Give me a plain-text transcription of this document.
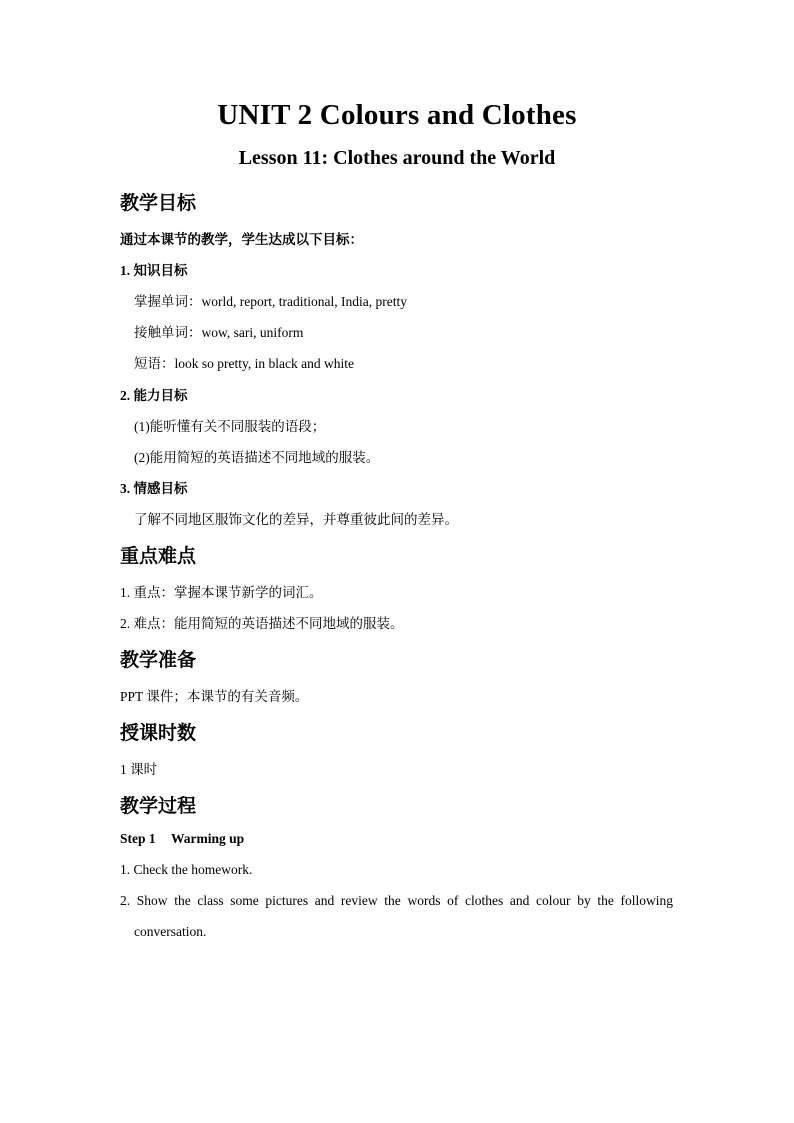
UNIT 2 Colours and Clothes
Lesson 11: Clothes around the World
教学目标
通过本课节的教学，学生达成以下目标：
1. 知识目标
掌握单词：world, report, traditional, India, pretty
接触单词：wow, sari, uniform
短语：look so pretty, in black and white
2. 能力目标
(1)能听懂有关不同服装的语段；
(2)能用简短的英语描述不同地域的服装。
3. 情感目标
了解不同地区服饰文化的差异，并尊重彼此间的差异。
重点难点
1. 重点：掌握本课节新学的词汇。
2. 难点：能用简短的英语描述不同地域的服装。
教学准备
PPT 课件；本课节的有关音频。
授课时数
1 课时
教学过程
Step 1 Warming up
1. Check the homework.
2. Show the class some pictures and review the words of clothes and colour by the following
conversation.
